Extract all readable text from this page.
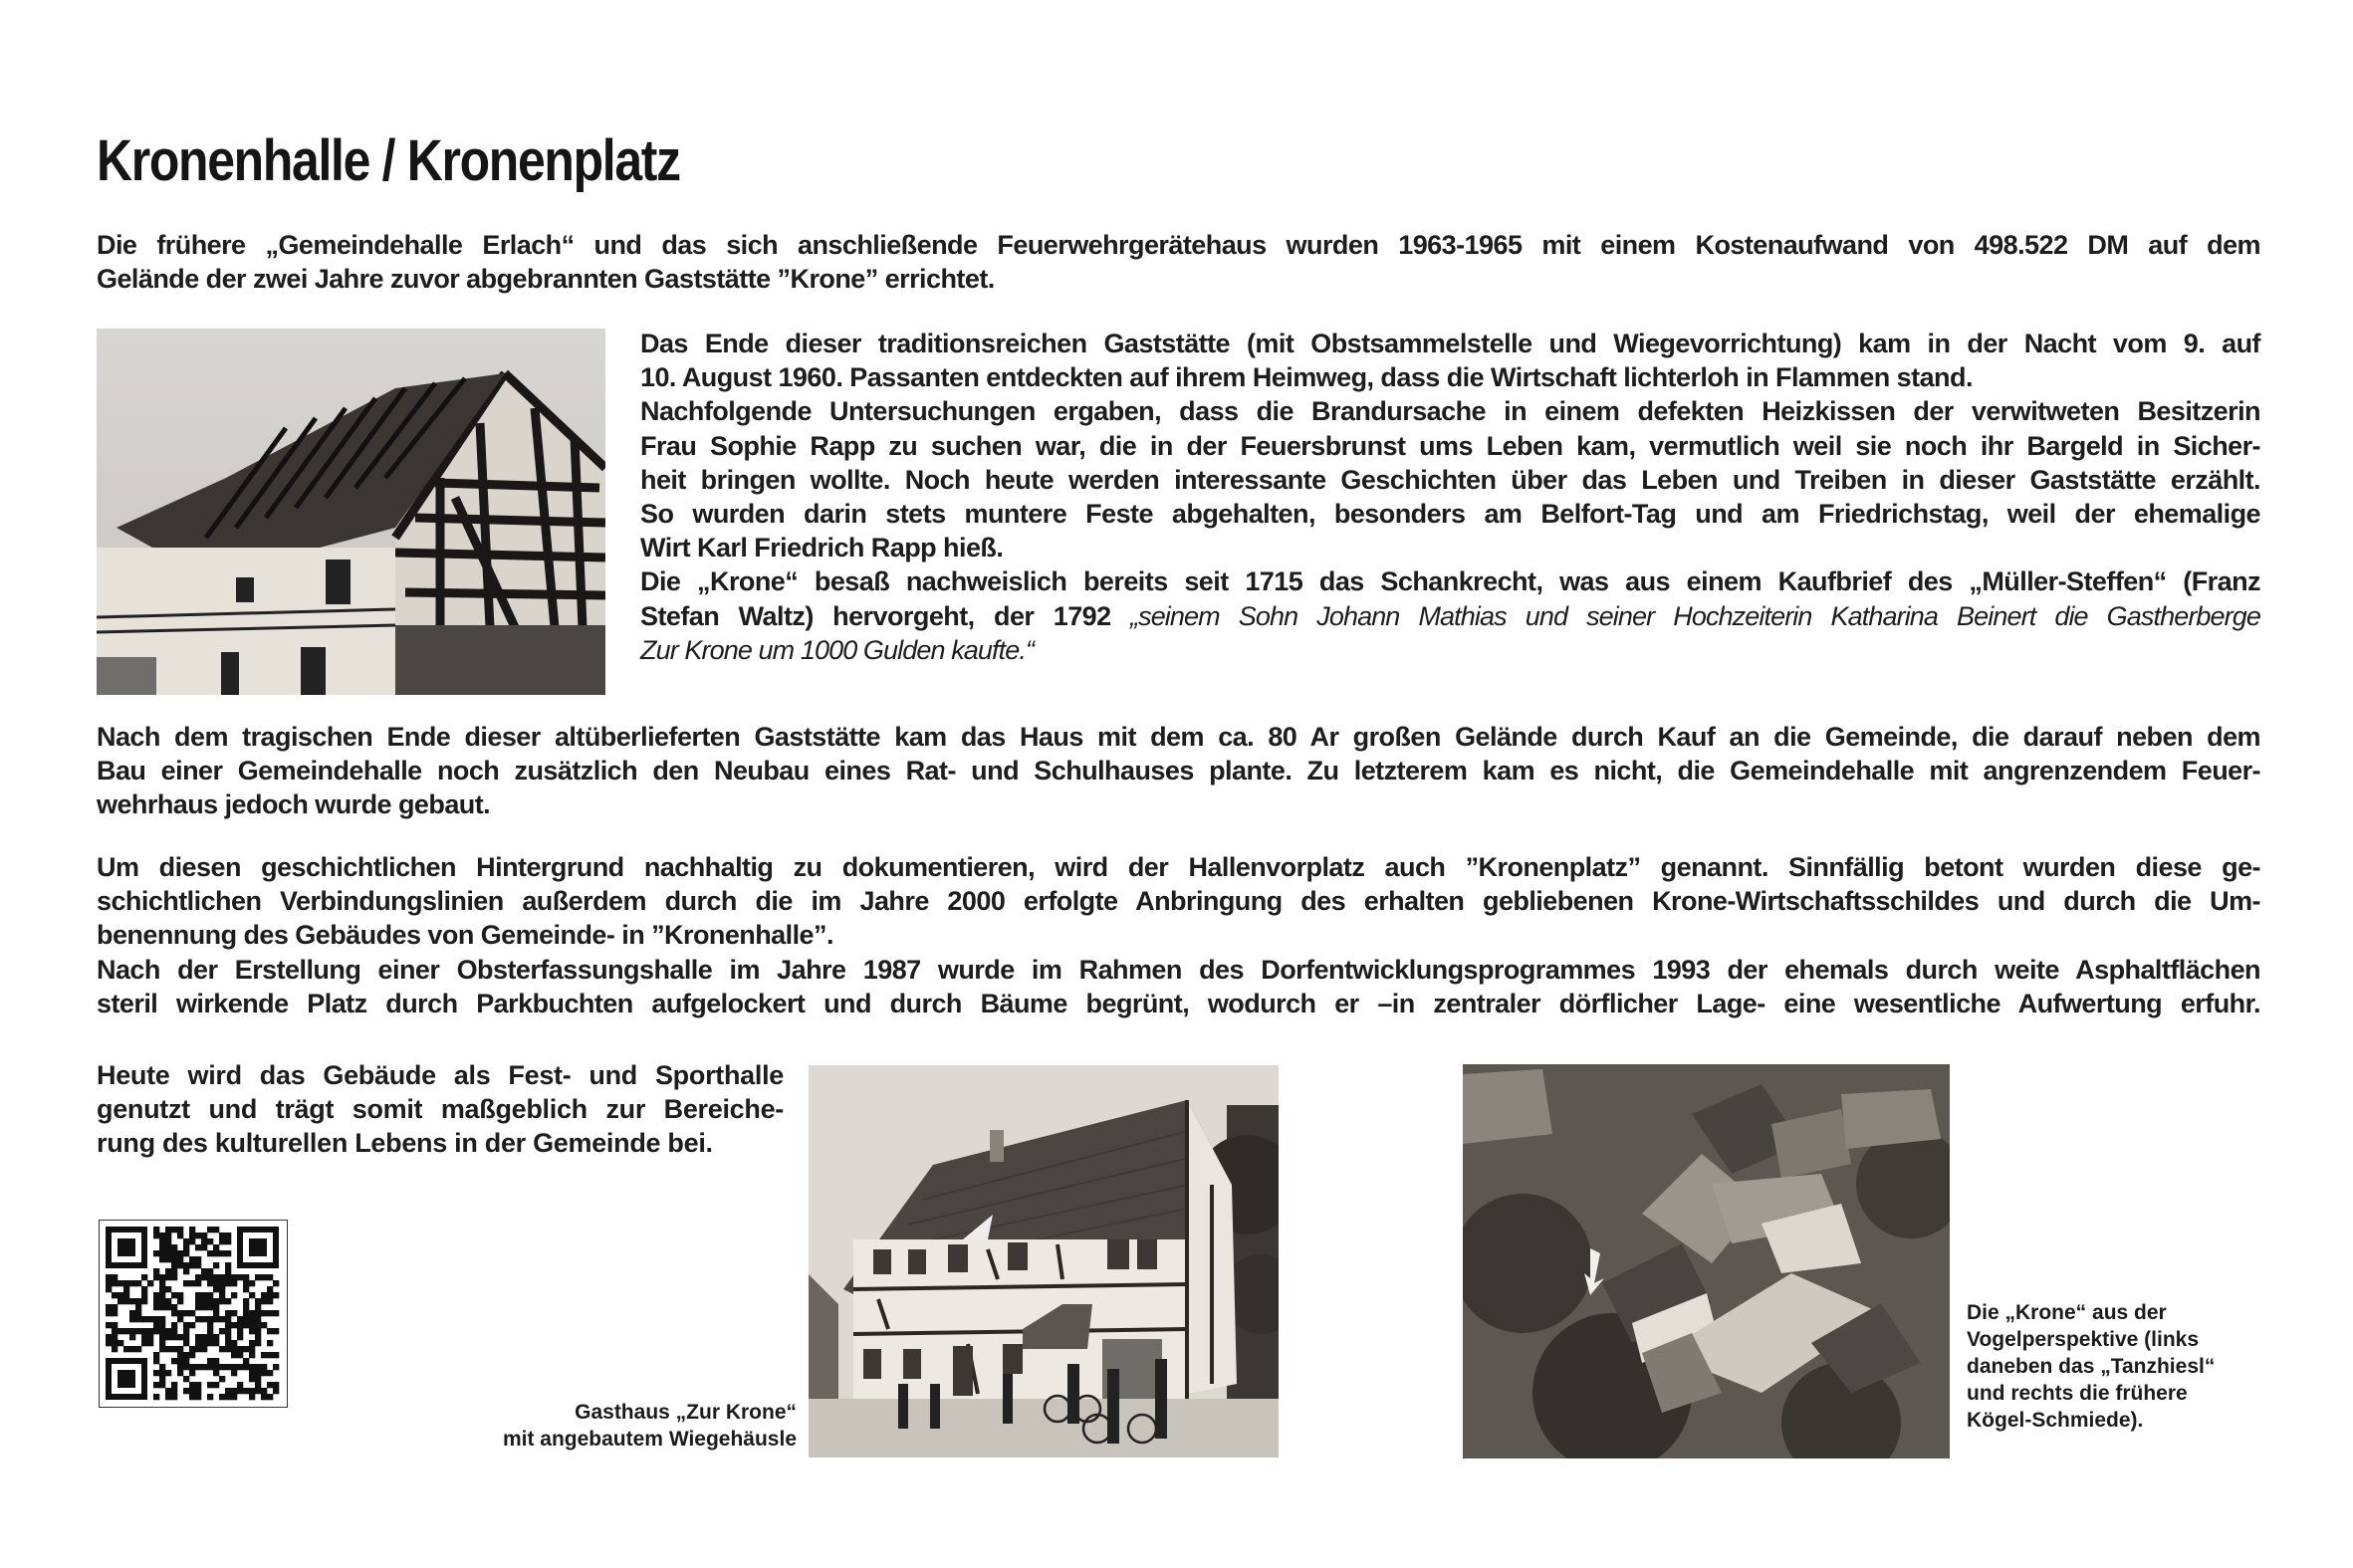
Kronenhalle / Kronenplatz
Die frühere „Gemeindehalle Erlach“ und das sich anschließende Feuerwehrgerätehaus wurden 1963-1965 mit einem Kostenaufwand von 498.522 DM auf dem
Gelände der zwei Jahre zuvor abgebrannten Gaststätte ”Krone” errichtet.
Das Ende dieser traditionsreichen Gaststätte (mit Obstsammelstelle und Wiegevorrichtung) kam in der Nacht vom 9. auf
10. August 1960. Passanten entdeckten auf ihrem Heimweg, dass die Wirtschaft lichterloh in Flammen stand.
Nachfolgende Untersuchungen ergaben, dass die Brandursache in einem defekten Heizkissen der verwitweten Besitzerin
Frau Sophie Rapp zu suchen war, die in der Feuersbrunst ums Leben kam, vermutlich weil sie noch ihr Bargeld in Sicher-
heit bringen wollte. Noch heute werden interessante Geschichten über das Leben und Treiben in dieser Gaststätte erzählt.
So wurden darin stets muntere Feste abgehalten, besonders am Belfort-Tag und am Friedrichstag, weil der ehemalige
Wirt Karl Friedrich Rapp hieß.
Die „Krone“ besaß nachweislich bereits seit 1715 das Schankrecht, was aus einem Kaufbrief des „Müller-Steffen“ (Franz
Stefan Waltz) hervorgeht, der 1792 „seinem Sohn Johann Mathias und seiner Hochzeiterin Katharina Beinert die Gastherberge
Zur Krone um 1000 Gulden kaufte.“
Nach dem tragischen Ende dieser altüberlieferten Gaststätte kam das Haus mit dem ca. 80 Ar großen Gelände durch Kauf an die Gemeinde, die darauf neben dem
Bau einer Gemeindehalle noch zusätzlich den Neubau eines Rat- und Schulhauses plante. Zu letzterem kam es nicht, die Gemeindehalle mit angrenzendem Feuer-
wehrhaus jedoch wurde gebaut.
Um diesen geschichtlichen Hintergrund nachhaltig zu dokumentieren, wird der Hallenvorplatz auch ”Kronenplatz” genannt. Sinnfällig betont wurden diese ge-
schichtlichen Verbindungslinien außerdem durch die im Jahre 2000 erfolgte Anbringung des erhalten gebliebenen Krone-Wirtschaftsschildes und durch die Um-
benennung des Gebäudes von Gemeinde- in ”Kronenhalle”.
Nach der Erstellung einer Obsterfassungshalle im Jahre 1987 wurde im Rahmen des Dorfentwicklungsprogrammes 1993 der ehemals durch weite Asphaltflächen
steril wirkende Platz durch Parkbuchten aufgelockert und durch Bäume begrünt, wodurch er –in zentraler dörflicher Lage- eine wesentliche Aufwertung erfuhr.
Heute wird das Gebäude als Fest- und Sporthalle
genutzt und trägt somit maßgeblich zur Bereiche-
rung des kulturellen Lebens in der Gemeinde bei.
Gasthaus „Zur Krone“
mit angebautem Wiegehäusle
Die „Krone“ aus der
Vogelperspektive (links
daneben das „Tanzhiesl“
und rechts die frühere
Kögel-Schmiede).
